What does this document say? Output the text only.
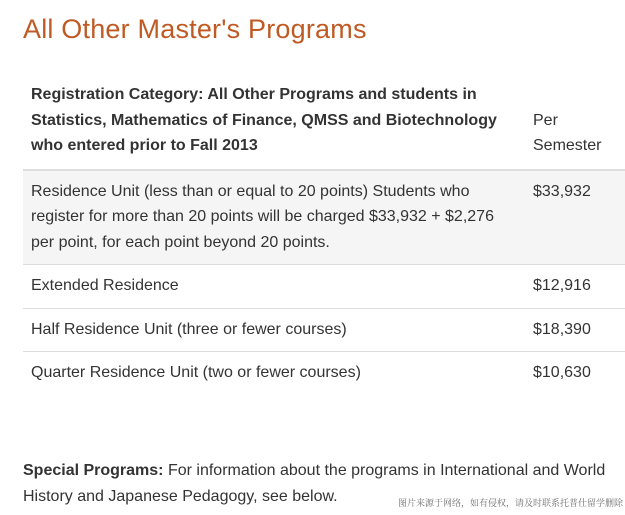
All Other Master's Programs
Registration Category: All Other Programs and students in Statistics, Mathematics of Finance, QMSS and Biotechnology who entered prior to Fall 2013	Per Semester
Residence Unit (less than or equal to 20 points) Students who register for more than 20 points will be charged $33,932 + $2,276 per point, for each point beyond 20 points.	$33,932
Extended Residence	$12,916
Half Residence Unit (three or fewer courses)	$18,390
Quarter Residence Unit (two or fewer courses)	$10,630

Special Programs: For information about the programs in International and World History and Japanese Pedagogy, see below.	图片来源于网络，如有侵权，请及时联系托普仕留学删除
